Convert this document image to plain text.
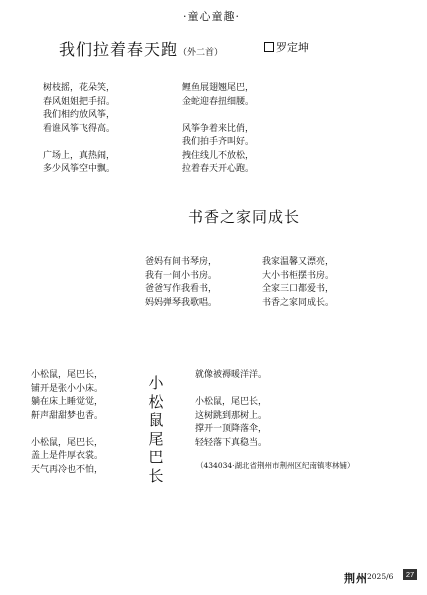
·童心童趣·
我们拉着春天跑（外二首）	罗定坤
树枝摇，花朵笑，
春风姐姐把手招。
我们相约放风筝，
看谁风筝飞得高。
广场上，真热闹，
多少风筝空中飘。
鲤鱼展翅翘尾巴，
金蛇迎春扭细腰。
风筝争着来比俏，
我们拍手齐叫好。
拽住线儿不放松，
拉着春天开心跑。
书香之家同成长
爸妈有间书琴房，
我有一间小书房。
爸爸写作我看书，
妈妈弹琴我歌唱。
我家温馨又漂亮，
大小书柜摆书房。
全家三口都爱书，
书香之家同成长。
小松鼠，尾巴长，
铺开是张小小床。
躺在床上睡觉觉，
鼾声甜甜梦也香。
小松鼠，尾巴长，
盖上是件厚衣裳。
天气再冷也不怕，
小松鼠尾巴长
就像被褥暖洋洋。
小松鼠，尾巴长，
这树跳到那树上。
撑开一顶降落伞，
轻轻落下真稳当。
（434034·湖北省荆州市荆州区纪南镇枣林铺）
荆州 2025/6	27
